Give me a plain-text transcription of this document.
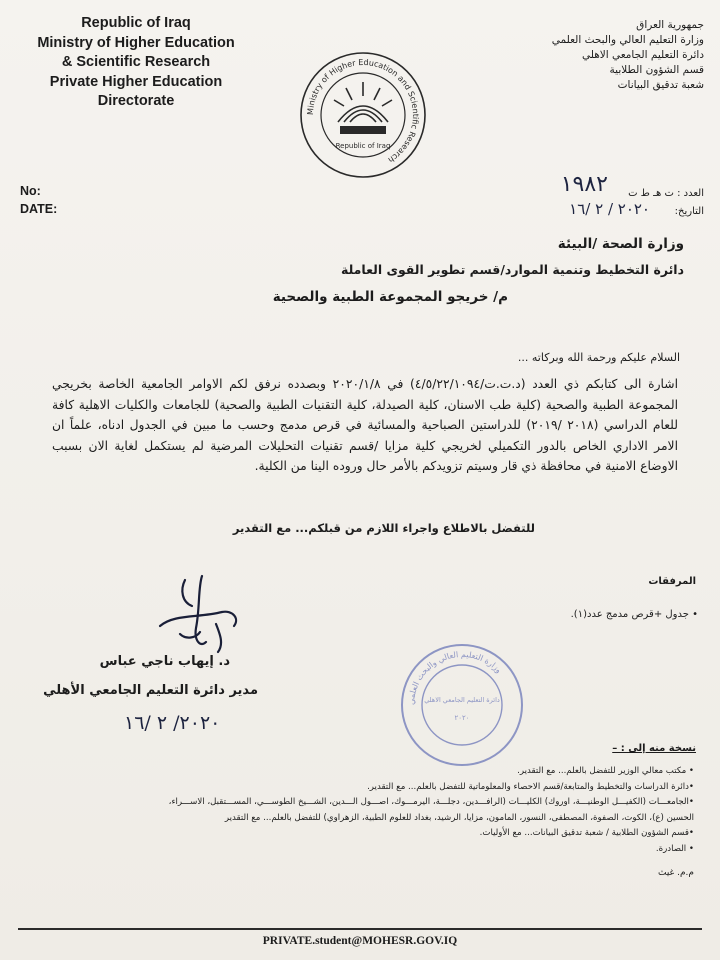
Republic of Iraq
Ministry of Higher Education
& Scientific Research
Private Higher Education
Directorate
جمهورية العراق
وزارة التعليم العالي والبحث العلمي
دائرة التعليم الجامعي الاهلي
قسم الشؤون الطلابية
شعبة تدقيق البيانات
Ministry of Higher Education and Scientific Research
Republic of Iraq
No:
DATE:
العدد : ت هـ ط ت
التاريخ:
١٩٨٢
٢٠٢٠ / ٢ /١٦
وزارة الصحة /البيئة
دائرة التخطيط وتنمية الموارد/قسم تطوير القوى العاملة
م/ خريجو المجموعة الطبية والصحية
السلام عليكم ورحمة الله وبركاته ...
اشارة الى كتابكم ذي العدد (د.ت.ت/٤/٥/٢٢/١٠٩٤) في ٢٠٢٠/١/٨ وبصدده نرفق لكم الاوامر الجامعية الخاصة بخريجي المجموعة الطبية والصحية (كلية طب الاسنان، كلية الصيدلة، كلية التقنيات الطبية والصحية) للجامعات والكليات الاهلية كافة للعام الدراسي (٢٠١٨ /٢٠١٩) للدراستين الصباحية والمسائية في قرص مدمج وحسب ما مبين في الجدول ادناه، علماً ان الامر الاداري الخاص بالدور التكميلي لخريجي كلية مزايا /قسم تقنيات التحليلات المرضية لم يستكمل لغاية الان بسبب الاوضاع الامنية في محافظة ذي قار وسيتم تزويدكم بالأمر حال وروده الينا من الكلية.
للتفضل بالاطلاع واجراء اللازم من قبلكم... مع التقدير
المرفقات
• جدول +قرص مدمج عدد(١).
د. إيهاب ناجي عباس
مدير دائرة التعليم الجامعي الأهلي
٢٠٢٠/ ٢ /١٦
وزارة التعليم العالي والبحث العلمي
دائرة التعليم الجامعي الاهلي
٢٠٢٠
نسخة منه إلى : –
• مكتب معالي الوزير للتفضل بالعلم... مع التقدير.
•دائرة الدراسات والتخطيط والمتابعة/قسم الاحصاء والمعلوماتية للتفضل بالعلم... مع التقدير.
•الجامعـــات (الكفيـــل الوطنيـــة، اوروك) الكليـــات (الرافـــدين، دجلـــة، اليرمـــوك، اصـــول الـــدين، الشـــيخ الطوســـي، المســـتقبل، الاســـراء،
الحسين (ع)، الكوت، الصفوة، المصطفى، النسور، المامون، مزايا، الرشيد، بغداد للعلوم الطبية، الزهراوي) للتفضل بالعلم... مع التقدير
•قسم الشؤون الطلابية / شعبة تدقيق البيانات... مع الأوليات.
• الصادرة.
م.م. غيث
PRIVATE.student@MOHESR.GOV.IQ
